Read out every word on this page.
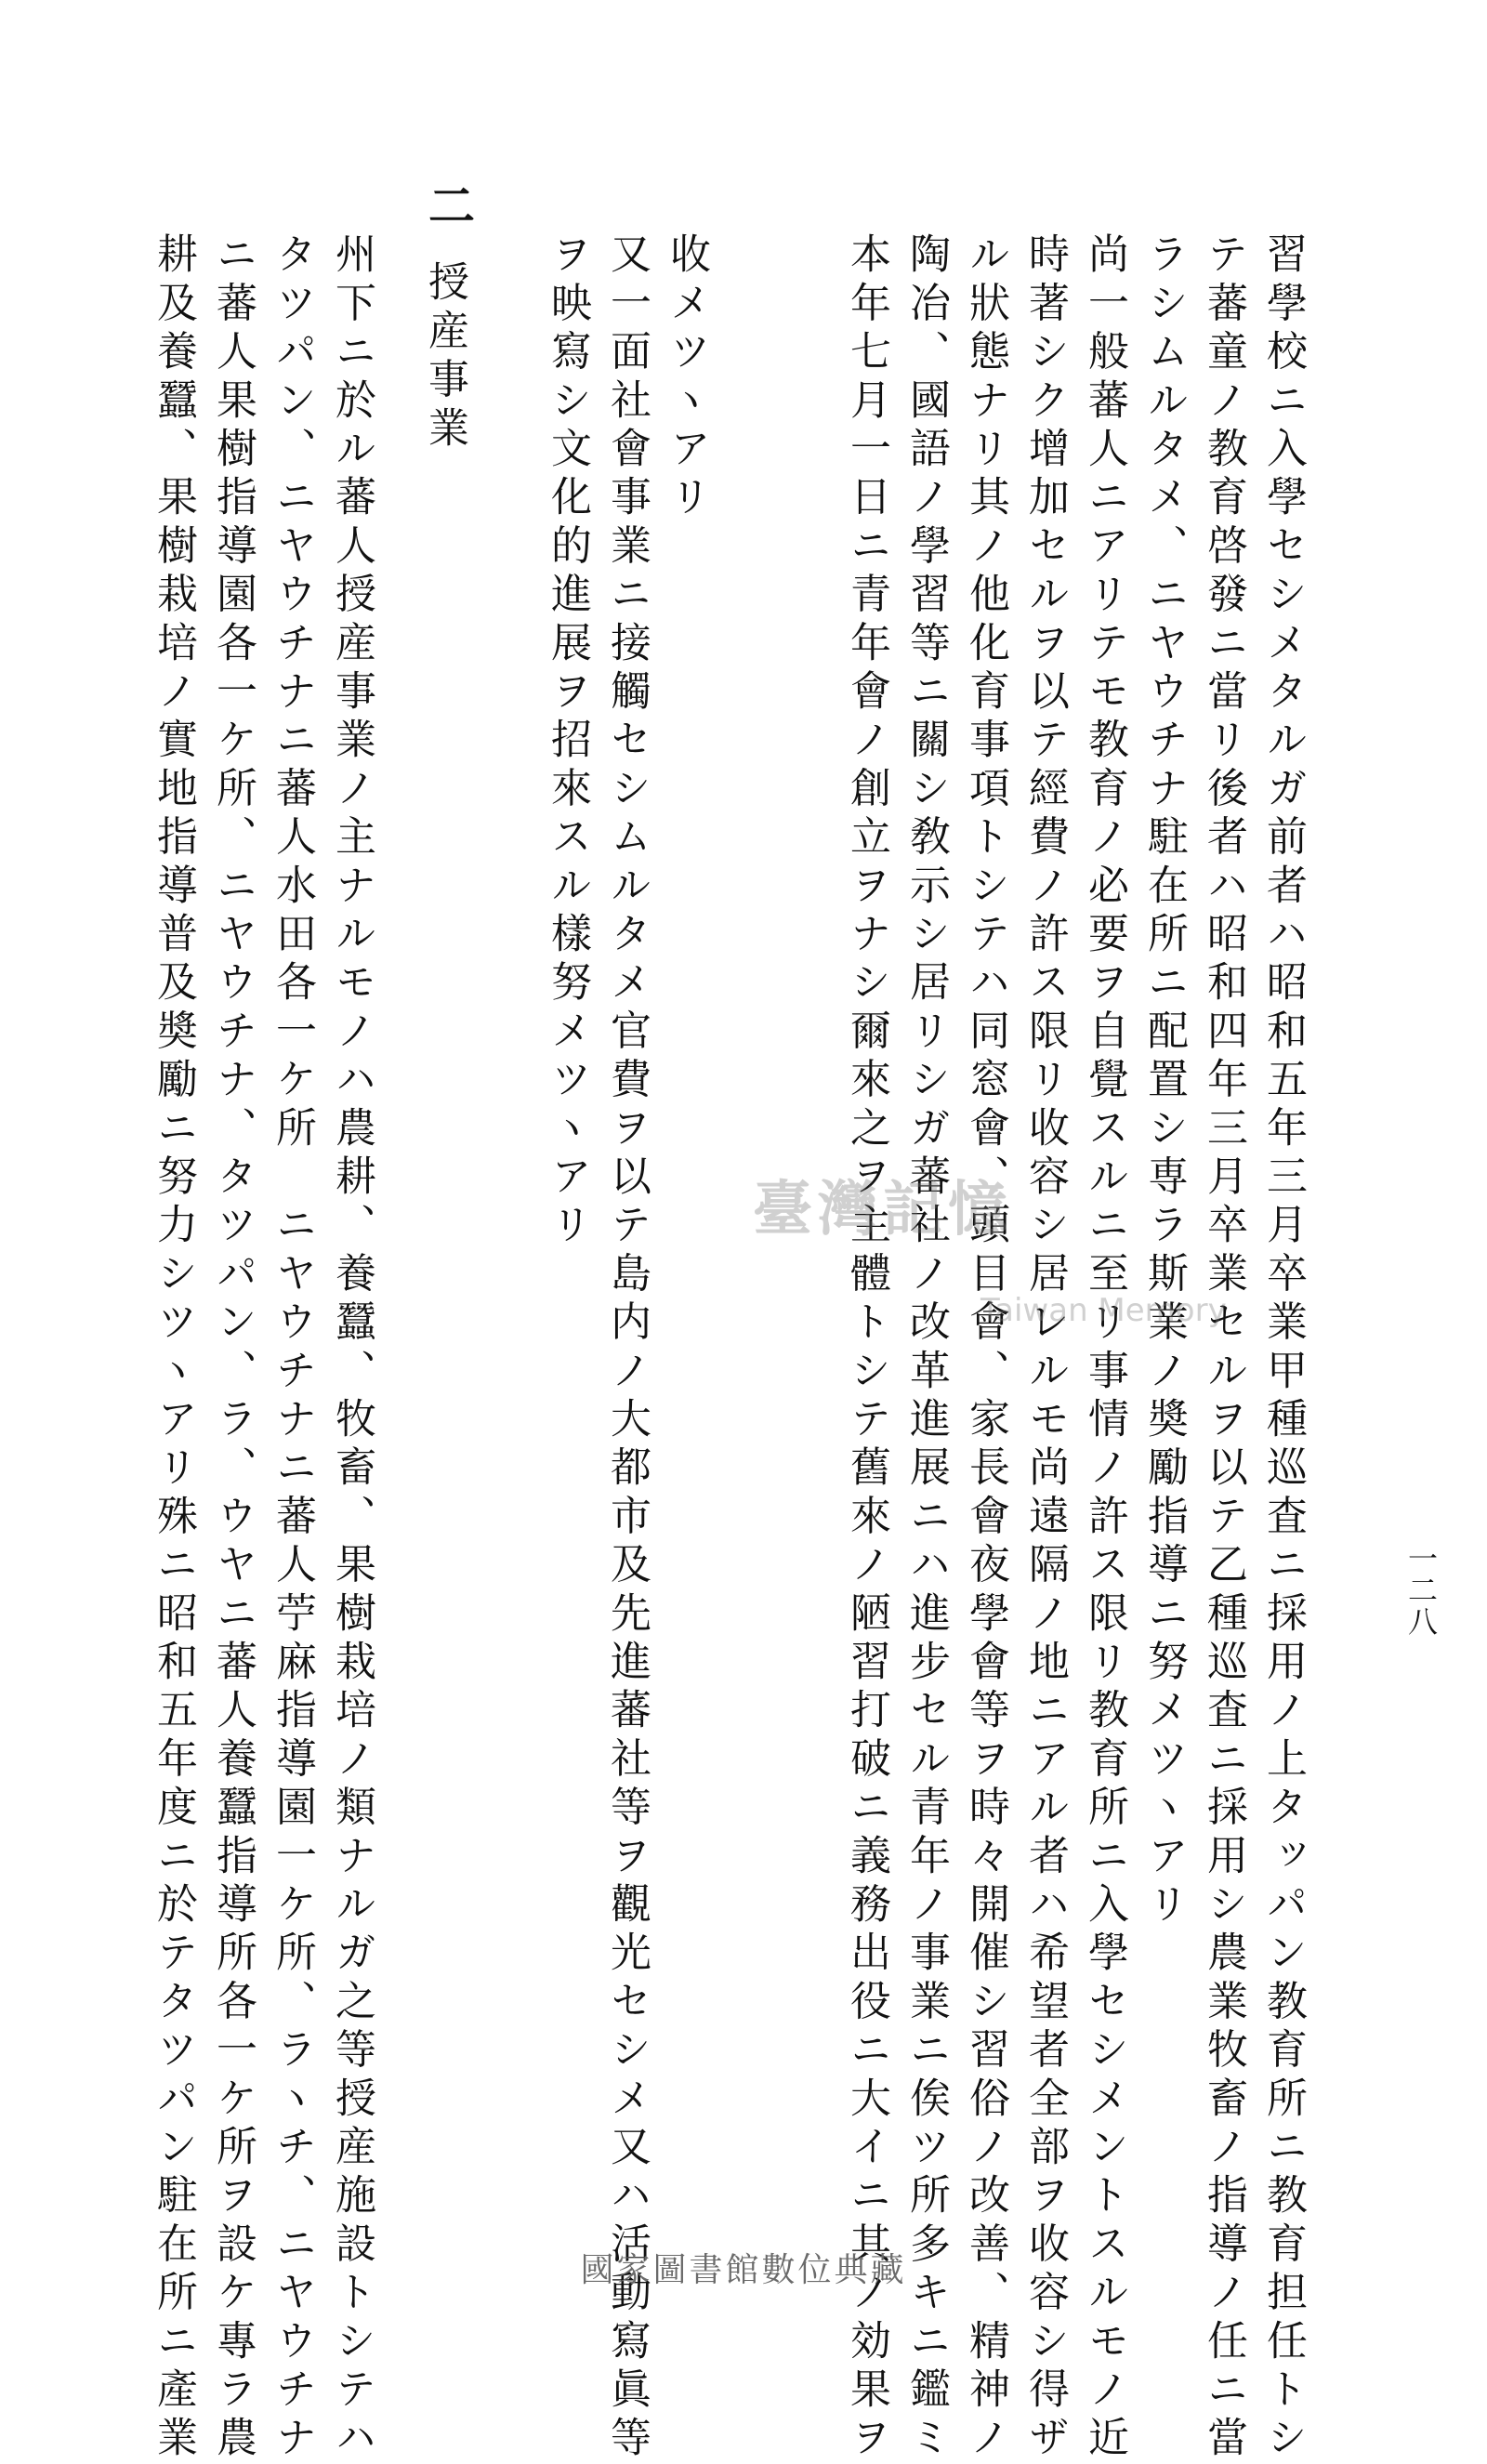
一二八
習學校ニ入學セシメタルガ前者ハ昭和五年三月卒業甲種巡査ニ採用ノ上タッパン教育所ニ教育担任トシ
テ蕃童ノ教育啓發ニ當リ後者ハ昭和四年三月卒業セルヲ以テ乙種巡査ニ採用シ農業牧畜ノ指導ノ任ニ當
ラシムルタメ、ニヤウチナ駐在所ニ配置シ専ラ斯業ノ奬勵指導ニ努メツヽアリ
尚一般蕃人ニアリテモ教育ノ必要ヲ自覺スルニ至リ事情ノ許ス限リ教育所ニ入學セシメントスルモノ近
時著シク增加セルヲ以テ經費ノ許ス限リ收容シ居レルモ尚遠隔ノ地ニアル者ハ希望者全部ヲ收容シ得ザ
ル狀態ナリ其ノ他化育事項トシテハ同窓會、頭目會、家長會夜學會等ヲ時々開催シ習俗ノ改善、精神ノ
陶冶、國語ノ學習等ニ關シ敎示シ居リシガ蕃社ノ改革進展ニハ進步セル青年ノ事業ニ俟ツ所多キニ鑑ミ
本年七月一日ニ青年會ノ創立ヲナシ爾來之ヲ主體トシテ舊來ノ陋習打破ニ義務出役ニ大イニ其ノ効果ヲ
收メツヽアリ
又一面社會事業ニ接觸セシムルタメ官費ヲ以テ島内ノ大都市及先進蕃社等ヲ觀光セシメ又ハ活動寫眞等
ヲ映寫シ文化的進展ヲ招來スル樣努メツヽアリ
二
授産事業
州下ニ於ル蕃人授産事業ノ主ナルモノハ農耕、養蠶、牧畜、果樹栽培ノ類ナルガ之等授産施設トシテハ
タツパン、ニヤウチナニ蕃人水田各一ケ所　ニヤウチナニ蕃人苧麻指導園一ケ所、ラヽチ、ニヤウチナ
ニ蕃人果樹指導園各一ケ所、ニヤウチナ、タツパン、ラ、ウヤニ蕃人養蠶指導所各一ケ所ヲ設ケ專ラ農
耕及養蠶、果樹栽培ノ實地指導普及奬勵ニ努力シツヽアリ殊ニ昭和五年度ニ於テタツパン駐在所ニ產業	臺灣記憶
Taiwan Memory
國家圖書館數位典藏
